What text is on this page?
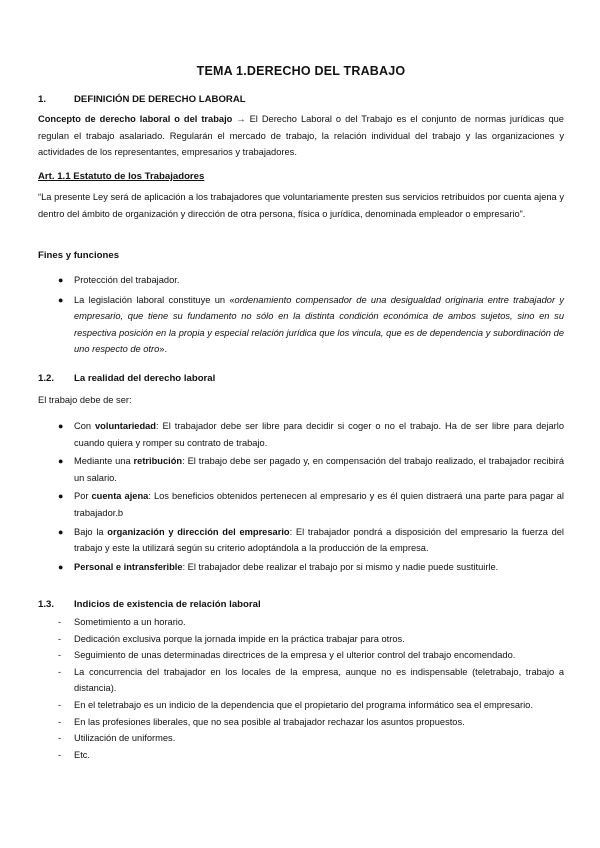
TEMA 1.DERECHO DEL TRABAJO

1.	DEFINICIÓN DE DERECHO LABORAL

Concepto de derecho laboral o del trabajo → El Derecho Laboral o del Trabajo es el conjunto de normas jurídicas que regulan el trabajo asalariado. Regularán el mercado de trabajo, la relación individual del trabajo y las organizaciones y actividades de los representantes, empresarios y trabajadores.

Art. 1.1 Estatuto de los Trabajadores

“La presente Ley será de aplicación a los trabajadores que voluntariamente presten sus servicios retribuidos por cuenta ajena y dentro del ámbito de organización y dirección de otra persona, física o jurídica, denominada empleador o empresario”.

Fines y funciones

● Protección del trabajador.
● La legislación laboral constituye un «ordenamiento compensador de una desigualdad originaria entre trabajador y empresario, que tiene su fundamento no sólo en la distinta condición económica de ambos sujetos, sino en su respectiva posición en la propia y especial relación jurídica que los vincula, que es de dependencia y subordinación de uno respecto de otro».

1.2. La realidad del derecho laboral

El trabajo debe de ser:

● Con voluntariedad: El trabajador debe ser libre para decidir si coger o no el trabajo. Ha de ser libre para dejarlo cuando quiera y romper su contrato de trabajo.
● Mediante una retribución: El trabajo debe ser pagado y, en compensación del trabajo realizado, el trabajador recibirá un salario.
● Por cuenta ajena: Los beneficios obtenidos pertenecen al empresario y es él quien distraerá una parte para pagar al trabajador.b
● Bajo la organización y dirección del empresario: El trabajador pondrá a disposición del empresario la fuerza del trabajo y este la utilizará según su criterio adoptándola a la producción de la empresa.
● Personal e intransferible: El trabajador debe realizar el trabajo por si mismo y nadie puede sustituirle.

1.3. Indicios de existencia de relación laboral

- Sometimiento a un horario.
- Dedicación exclusiva porque la jornada impide en la práctica trabajar para otros.
- Seguimiento de unas determinadas directrices de la empresa y el ulterior control del trabajo encomendado.
- La concurrencia del trabajador en los locales de la empresa, aunque no es indispensable (teletrabajo, trabajo a distancia).
- En el teletrabajo es un indicio de la dependencia que el propietario del programa informático sea el empresario.
- En las profesiones liberales, que no sea posible al trabajador rechazar los asuntos propuestos.
- Utilización de uniformes.
- Etc.
